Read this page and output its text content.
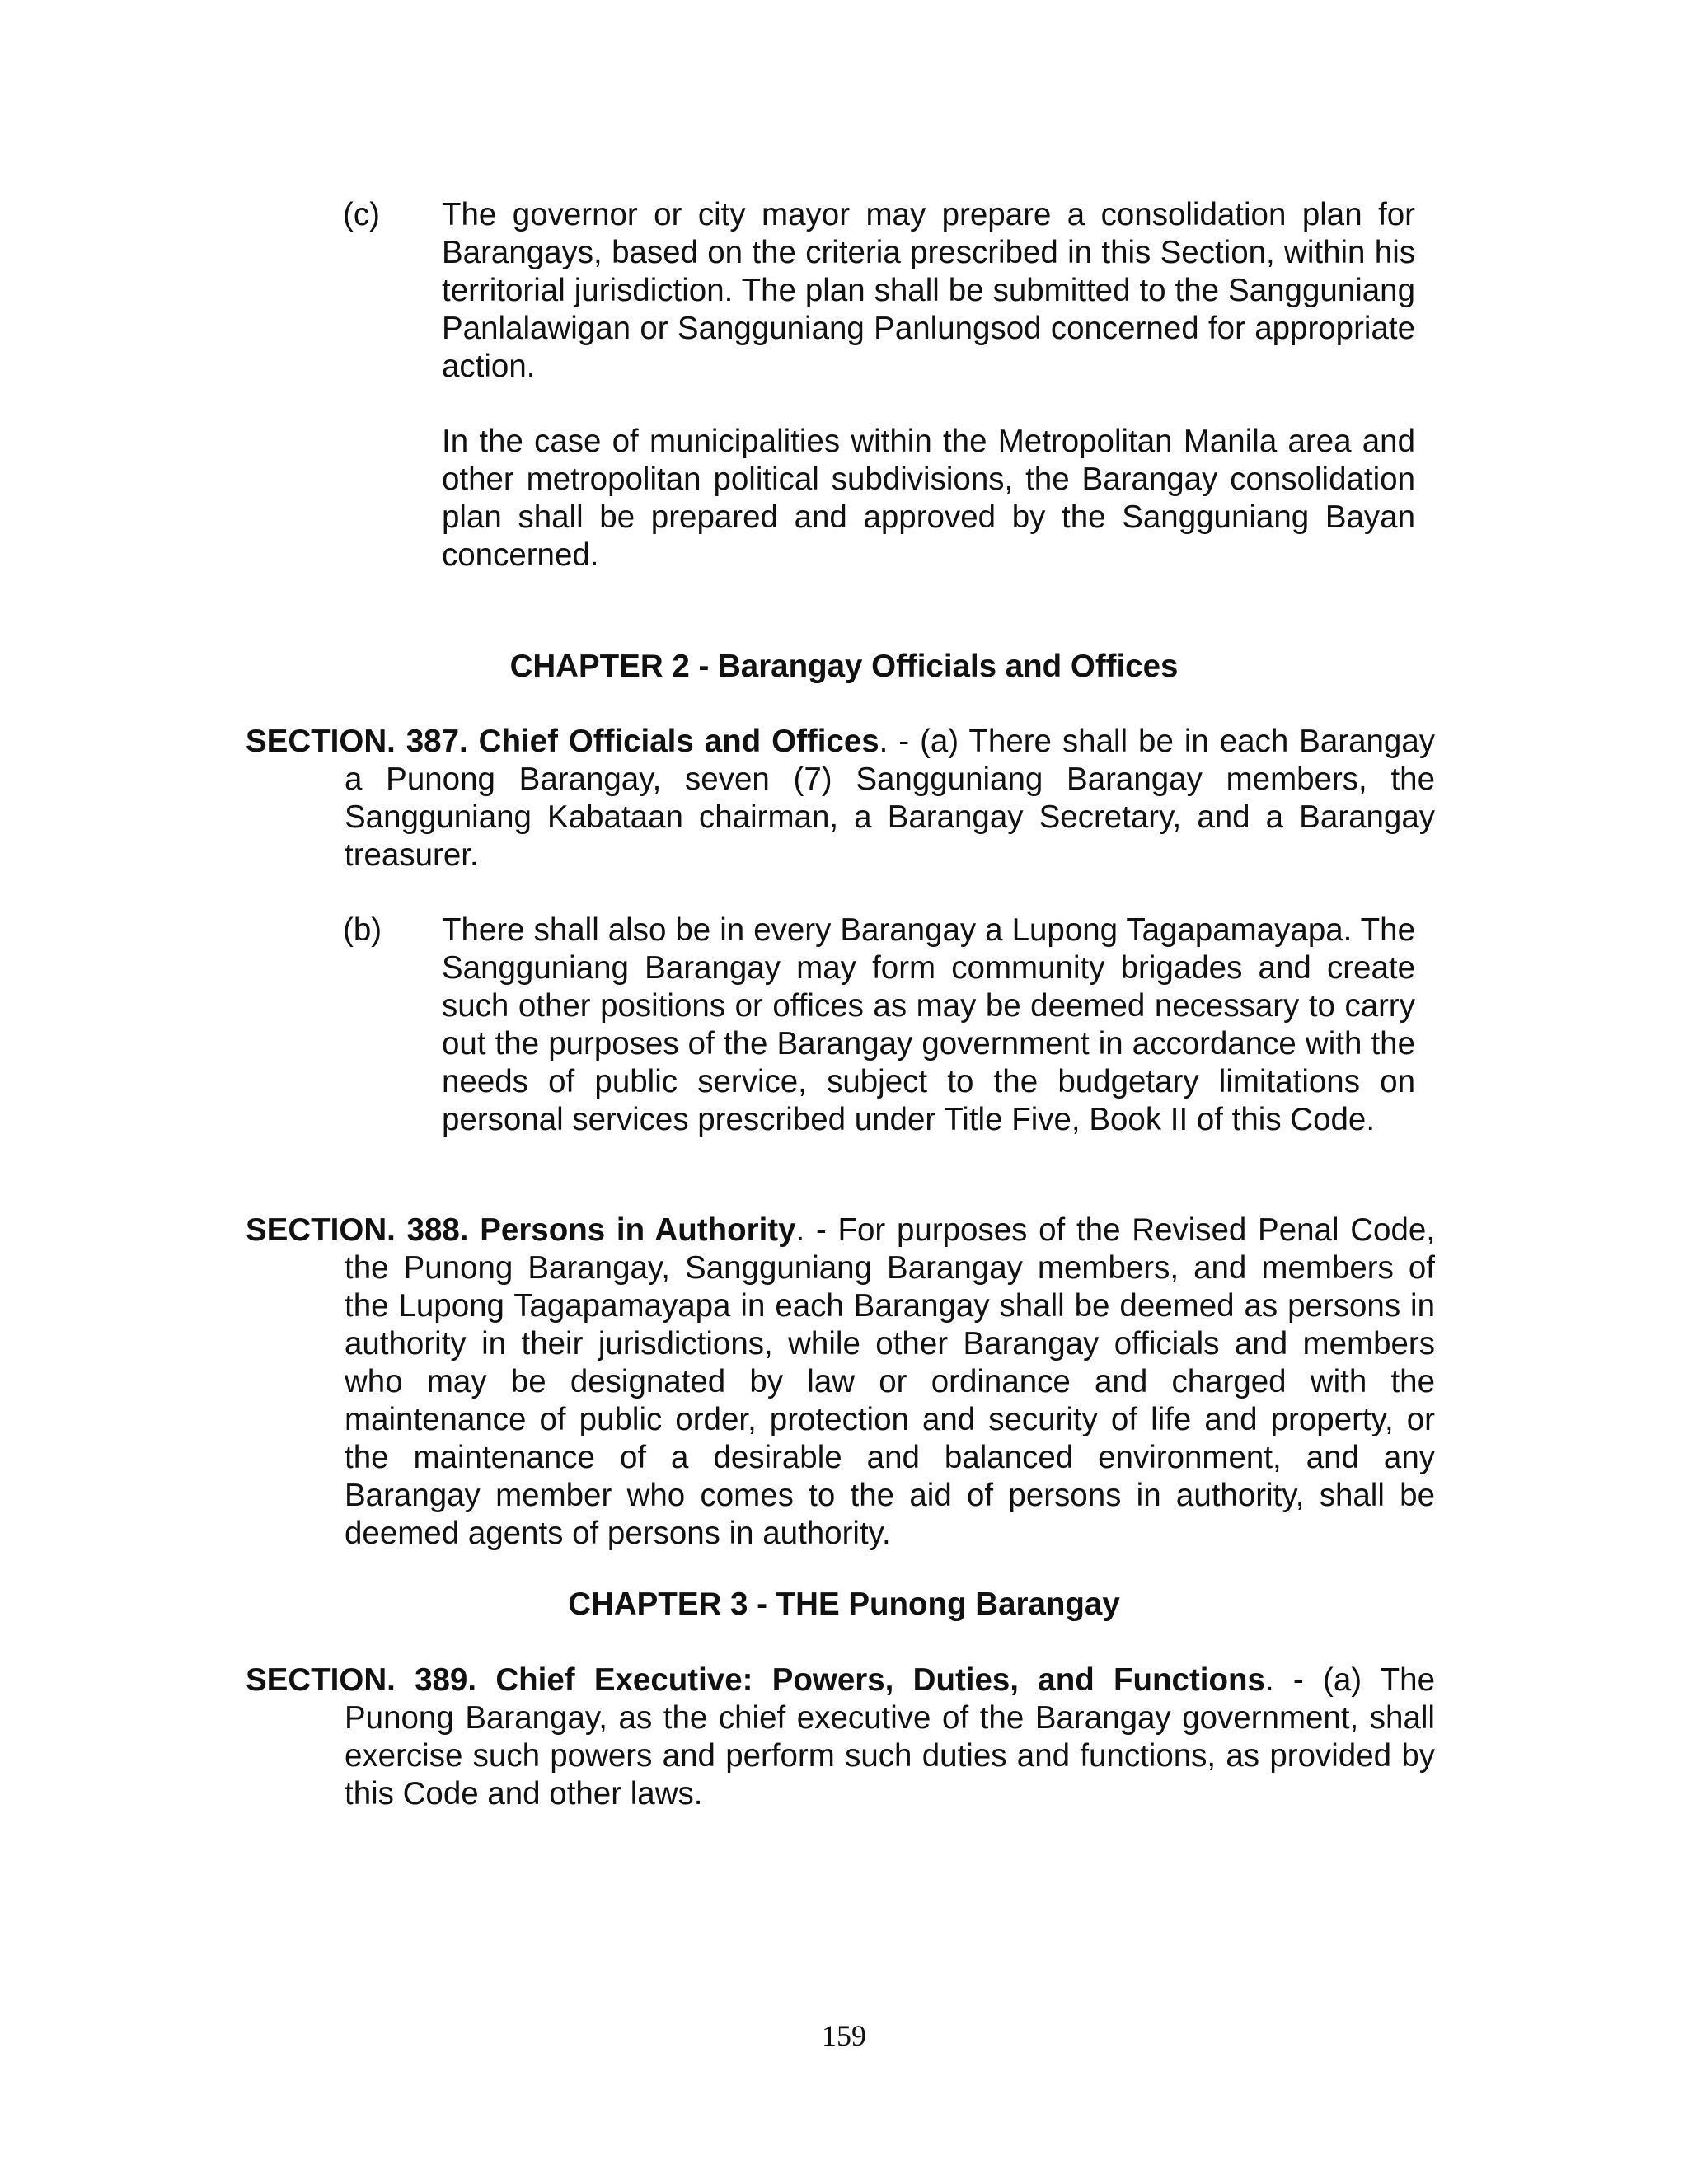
(c) The governor or city mayor may prepare a consolidation plan for Barangays, based on the criteria prescribed in this Section, within his territorial jurisdiction. The plan shall be submitted to the Sangguniang Panlalawigan or Sangguniang Panlungsod concerned for appropriate action.
In the case of municipalities within the Metropolitan Manila area and other metropolitan political subdivisions, the Barangay consolidation plan shall be prepared and approved by the Sangguniang Bayan concerned.
CHAPTER 2 - Barangay Officials and Offices
SECTION. 387. Chief Officials and Offices. - (a) There shall be in each Barangay a Punong Barangay, seven (7) Sangguniang Barangay members, the Sangguniang Kabataan chairman, a Barangay Secretary, and a Barangay treasurer.
(b) There shall also be in every Barangay a Lupong Tagapamayapa. The Sangguniang Barangay may form community brigades and create such other positions or offices as may be deemed necessary to carry out the purposes of the Barangay government in accordance with the needs of public service, subject to the budgetary limitations on personal services prescribed under Title Five, Book II of this Code.
SECTION. 388. Persons in Authority. - For purposes of the Revised Penal Code, the Punong Barangay, Sangguniang Barangay members, and members of the Lupong Tagapamayapa in each Barangay shall be deemed as persons in authority in their jurisdictions, while other Barangay officials and members who may be designated by law or ordinance and charged with the maintenance of public order, protection and security of life and property, or the maintenance of a desirable and balanced environment, and any Barangay member who comes to the aid of persons in authority, shall be deemed agents of persons in authority.
CHAPTER 3 - THE Punong Barangay
SECTION. 389. Chief Executive: Powers, Duties, and Functions. - (a) The Punong Barangay, as the chief executive of the Barangay government, shall exercise such powers and perform such duties and functions, as provided by this Code and other laws.
159
